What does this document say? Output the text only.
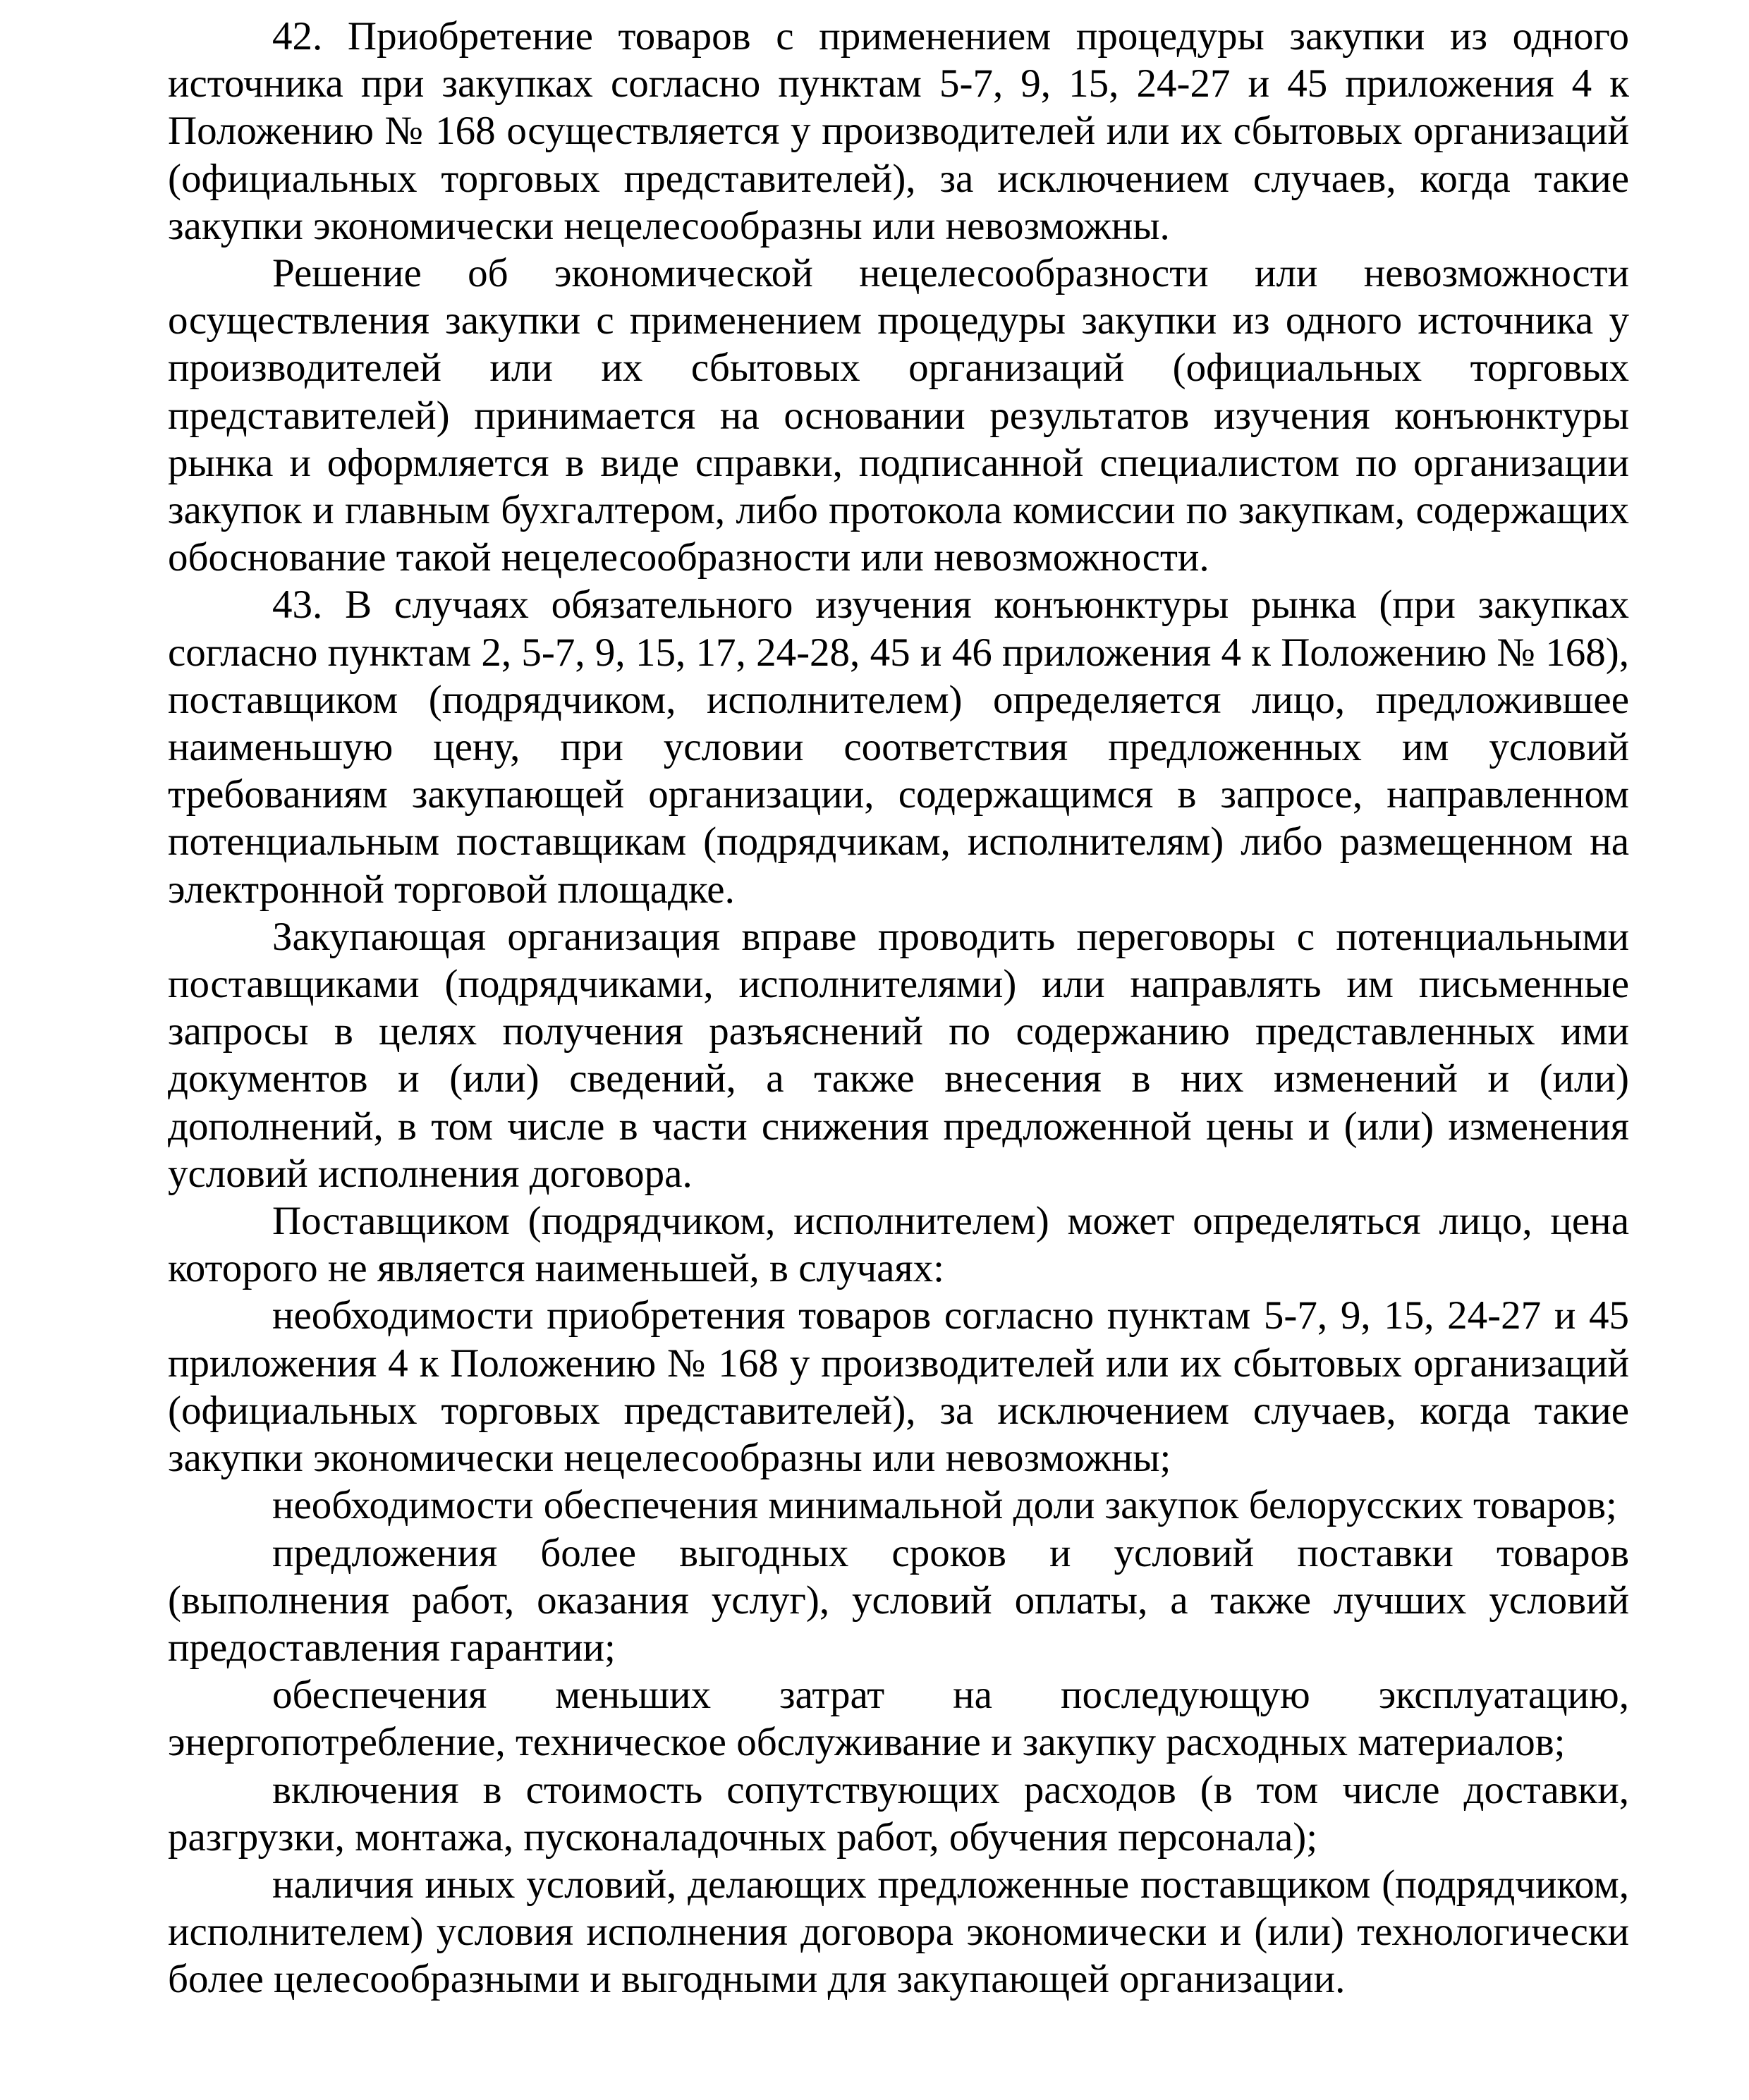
42. Приобретение товаров с применением процедуры закупки из одного источника при закупках согласно пунктам 5-7, 9, 15, 24-27 и 45 приложения 4 к Положению № 168 осуществляется у производителей или их сбытовых организаций (официальных торговых представителей), за исключением случаев, когда такие закупки экономически нецелесообразны или невозможны.

Решение об экономической нецелесообразности или невозможности осуществления закупки с применением процедуры закупки из одного источника у производителей или их сбытовых организаций (официальных торговых представителей) принимается на основании результатов изучения конъюнктуры рынка и оформляется в виде справки, подписанной специалистом по организации закупок и главным бухгалтером, либо протокола комиссии по закупкам, содержащих обоснование такой нецелесообразности или невозможности.

43. В случаях обязательного изучения конъюнктуры рынка (при закупках согласно пунктам 2, 5-7, 9, 15, 17, 24-28, 45 и 46 приложения 4 к Положению № 168), поставщиком (подрядчиком, исполнителем) определяется лицо, предложившее наименьшую цену, при условии соответствия предложенных им условий требованиям закупающей организации, содержащимся в запросе, направленном потенциальным поставщикам (подрядчикам, исполнителям) либо размещенном на электронной торговой площадке.

Закупающая организация вправе проводить переговоры с потенциальными поставщиками (подрядчиками, исполнителями) или направлять им письменные запросы в целях получения разъяснений по содержанию представленных ими документов и (или) сведений, а также внесения в них изменений и (или) дополнений, в том числе в части снижения предложенной цены и (или) изменения условий исполнения договора.

Поставщиком (подрядчиком, исполнителем) может определяться лицо, цена которого не является наименьшей, в случаях:

необходимости приобретения товаров согласно пунктам 5-7, 9, 15, 24-27 и 45 приложения 4 к Положению № 168 у производителей или их сбытовых организаций (официальных торговых представителей), за исключением случаев, когда такие закупки экономически нецелесообразны или невозможны;

необходимости обеспечения минимальной доли закупок белорусских товаров;

предложения более выгодных сроков и условий поставки товаров (выполнения работ, оказания услуг), условий оплаты, а также лучших условий предоставления гарантии;

обеспечения меньших затрат на последующую эксплуатацию, энергопотребление, техническое обслуживание и закупку расходных материалов;

включения в стоимость сопутствующих расходов (в том числе доставки, разгрузки, монтажа, пусконаладочных работ, обучения персонала);

наличия иных условий, делающих предложенные поставщиком (подрядчиком, исполнителем) условия исполнения договора экономически и (или) технологически более целесообразными и выгодными для закупающей организации.
